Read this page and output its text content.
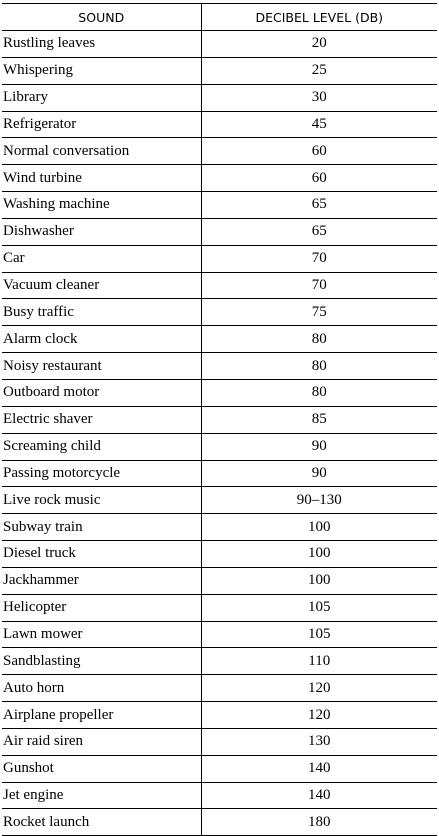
SOUND	DECIBEL LEVEL (DB)
Rustling leaves	20
Whispering	25
Library	30
Refrigerator	45
Normal conversation	60
Wind turbine	60
Washing machine	65
Dishwasher	65
Car	70
Vacuum cleaner	70
Busy traffic	75
Alarm clock	80
Noisy restaurant	80
Outboard motor	80
Electric shaver	85
Screaming child	90
Passing motorcycle	90
Live rock music	90–130
Subway train	100
Diesel truck	100
Jackhammer	100
Helicopter	105
Lawn mower	105
Sandblasting	110
Auto horn	120
Airplane propeller	120
Air raid siren	130
Gunshot	140
Jet engine	140
Rocket launch	180
